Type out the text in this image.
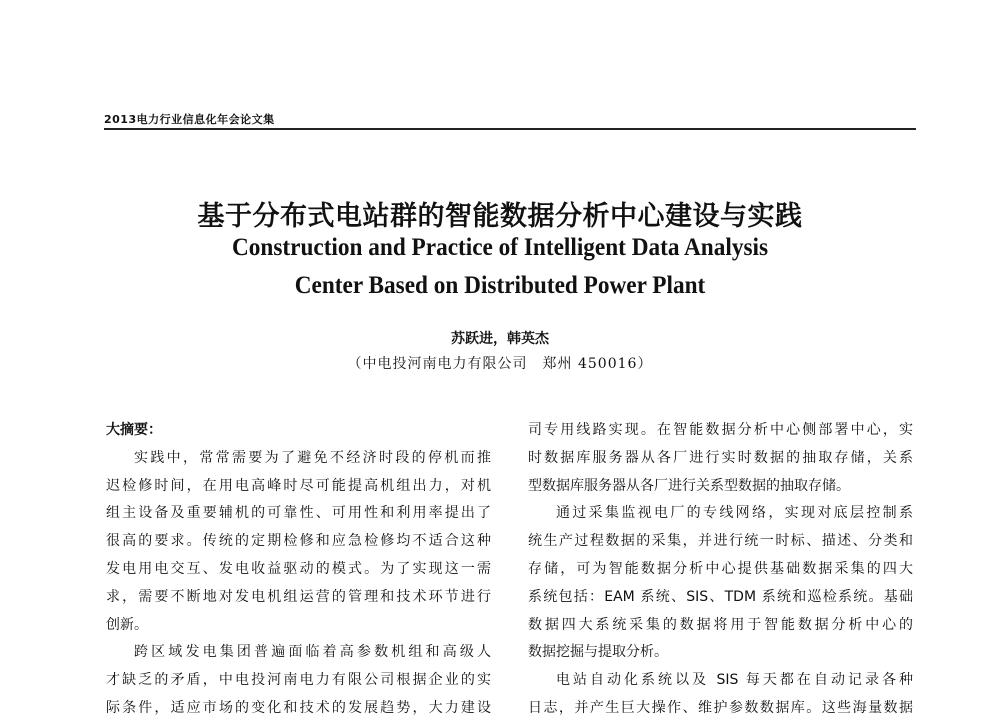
2013电力行业信息化年会论文集
基于分布式电站群的智能数据分析中心建设与实践
Construction and Practice of Intelligent Data Analysis
Center Based on Distributed Power Plant
苏跃进，韩英杰
（中电投河南电力有限公司　郑州 450016）
大摘要：
实践中，常常需要为了避免不经济时段的停机而推
迟检修时间，在用电高峰时尽可能提高机组出力，对机
组主设备及重要辅机的可靠性、可用性和利用率提出了
很高的要求。传统的定期检修和应急检修均不适合这种
发电用电交互、发电收益驱动的模式。为了实现这一需
求，需要不断地对发电机组运营的管理和技术环节进行
创新。
跨区域发电集团普遍面临着高参数机组和高级人
才缺乏的矛盾，中电投河南电力有限公司根据企业的实
际条件，适应市场的变化和技术的发展趋势，大力建设
司专用线路实现。在智能数据分析中心侧部署中心，实
时数据库服务器从各厂进行实时数据的抽取存储，关系
型数据库服务器从各厂进行关系型数据的抽取存储。
通过采集监视电厂的专线网络，实现对底层控制系
统生产过程数据的采集，并进行统一时标、描述、分类和
存储，可为智能数据分析中心提供基础数据采集的四大
系统包括：EAM 系统、SIS、TDM 系统和巡检系统。基础
数据四大系统采集的数据将用于智能数据分析中心的
数据挖掘与提取分析。
电站自动化系统以及 SIS 每天都在自动记录各种
日志，并产生巨大操作、维护参数数据库。这些海量数据
